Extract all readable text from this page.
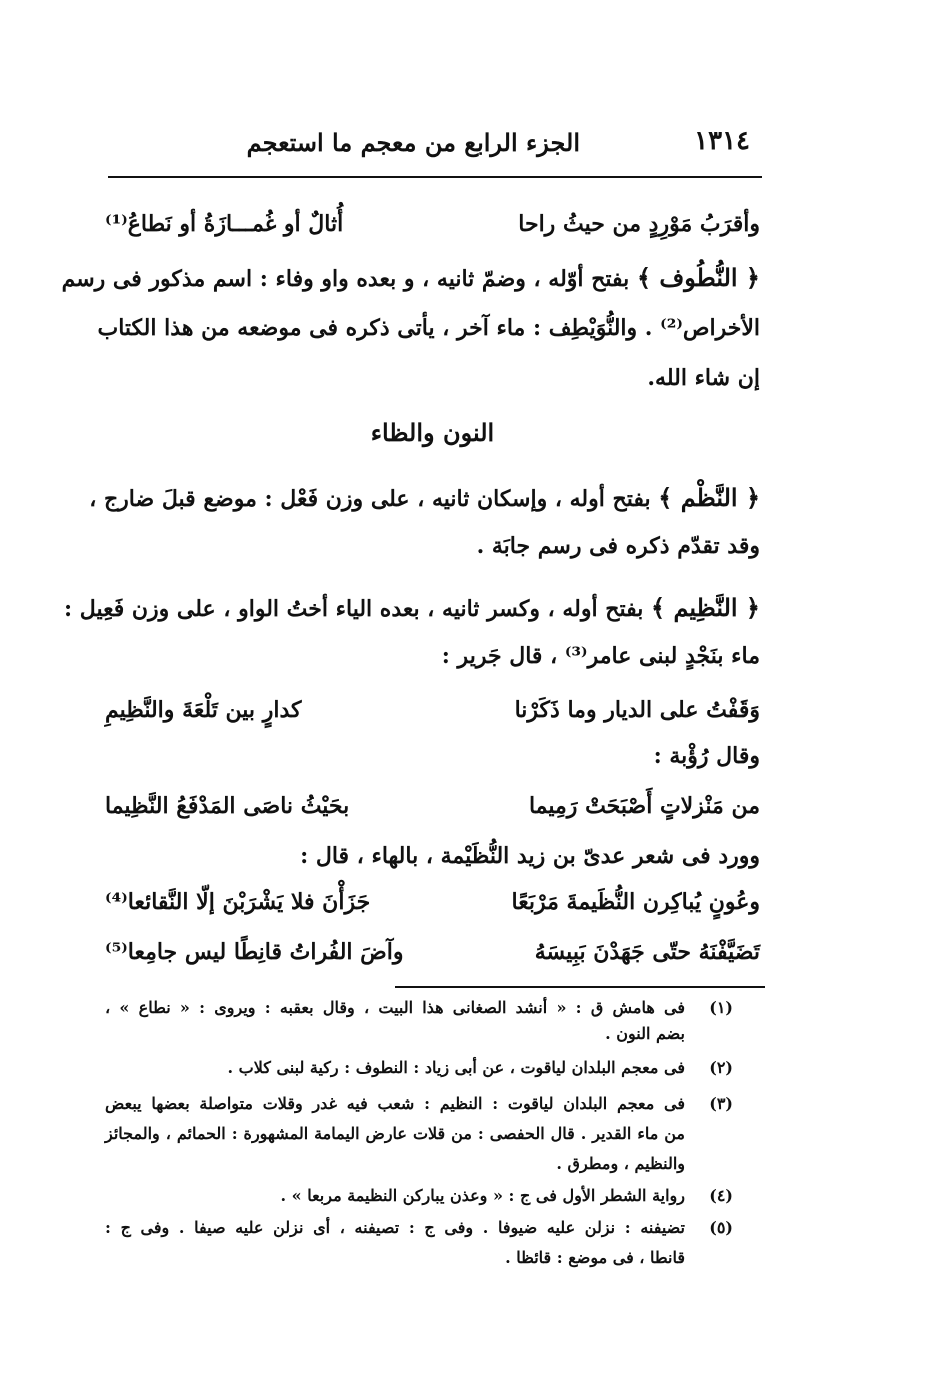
١٣١٤
الجزء الرابع من معجم ما استعجم
وأقرَبُ مَوْرِدٍ من حيثُ راحا
أُثالٌ أو غُمـــازَةُ أو نَطاعُ⁽¹⁾
﴿ النُّطُوف ﴾ بفتح أوّله ، وضمّ ثانيه ، و بعده واو وفاء : اسم مذكور فى رسم
الأخراص⁽²⁾ . والنُّوَيْطِف : ماء آخر ، يأتى ذكره فى موضعه من هذا الكتاب
إن شاء الله.
النون والظاء
﴿ النَّظْم ﴾ بفتح أوله ، وإسكان ثانيه ، على وزن فَعْل : موضع قبلَ ضارج ،
وقد تقدّم ذكره فى رسم جابَة .
﴿ النَّظِيم ﴾ بفتح أوله ، وكسر ثانيه ، بعده الياء أختُ الواو ، على وزن فَعِيل :
ماء بنَجْدٍ لبنى عامر⁽³⁾ ، قال جَرير :
وَقَفْتُ على الديار وما ذَكَرْنا
كدارٍ بين تَلْعَةَ والنَّظِيمِ
وقال رُؤْبة :
من مَنْزلاتٍ أَصْبَحَتْ رَمِيما
بحَيْثُ ناصَى المَدْفَعُ النَّظِيما
وورد فى شعر عدىّ بن زيد النُّظَيْمة ، بالهاء ، قال :
وعُونٍ يُباكِرن النُّظَيمةَ مَرْبَعًا
جَزَأْنَ فلا يَشْرَبْنَ إلّا النَّقائعا⁽⁴⁾
تَضَيَّفْنَهُ حتّى جَهَدْنَ بَبِيسَهُ
وآضَ الفُراتُ قانِطًا ليس جامِعا⁽⁵⁾
(١)
فى هامش ق : « أنشد الصغانى هذا البيت ، وقال بعقبه : ويروى : « نطاع » ،
بضم النون .
(٢)
فى معجم البلدان لياقوت ، عن أبى زياد : النطوف : ركية لبنى كلاب .
(٣)
فى معجم البلدان لياقوت : النظيم : شعب فيه غدر وقلات متواصلة بعضها يبعض
من ماء القدير . قال الحفصى : من قلات عارض اليمامة المشهورة : الحمائم ، والمجائز
والنظيم ، ومطرق .
(٤)
رواية الشطر الأول فى ج : « وعذن يباركن النظيمة مربعا » .
(٥)
تضيفنه : نزلن عليه ضيوفا . وفى ج : تصيفنه ، أى نزلن عليه صيفا . وفى ج :
قانطا ، فى موضع : قائظا .
